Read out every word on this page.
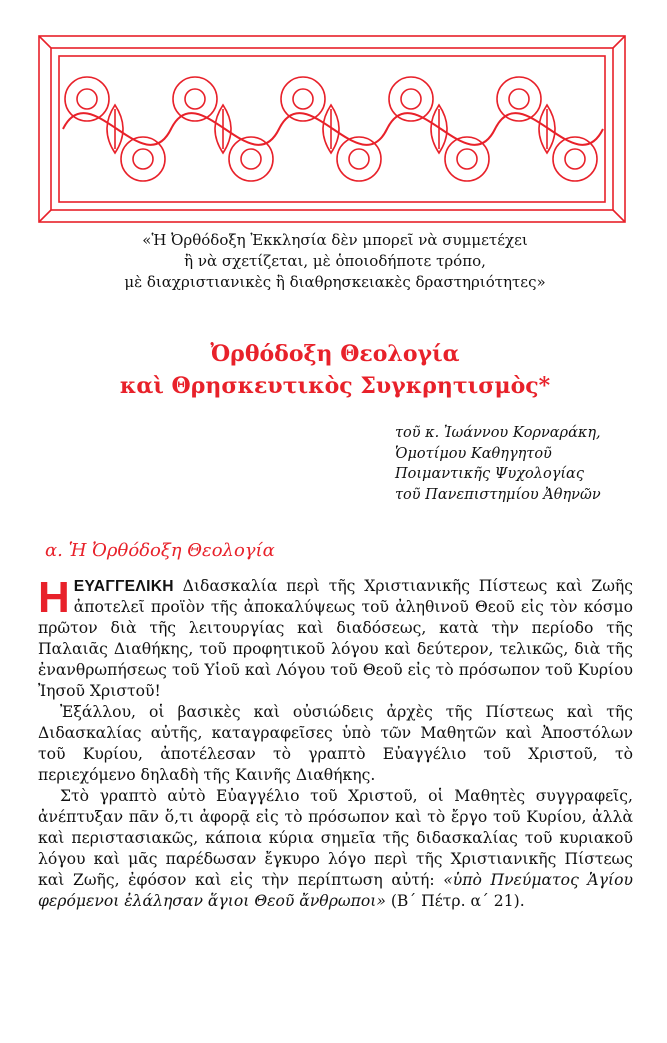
«Ἡ Ὀρθόδοξη Ἐκκλησία δὲν μπορεῖ νὰ συμμετέχει
ἢ νὰ σχετίζεται, μὲ ὁποιοδήποτε τρόπο,
μὲ διαχριστιανικὲς ἢ διαθρησκειακὲς δραστηριότητες»
Ὀρθόδοξη Θεολογία
καὶ Θρησκευτικὸς Συγκρητισμὸς*
τοῦ κ. Ἰωάννου Κορναράκη,
Ὁμοτίμου Καθηγητοῦ
Ποιμαντικῆς Ψυχολογίας
τοῦ Πανεπιστημίου Ἀθηνῶν
α. Ἡ Ὀρθόδοξη Θεολογία

ΗΕΥΑΓΓΕΛΙΚΗ Διδασκαλία περὶ τῆς Χριστιανικῆς Πίστεως καὶ Ζωῆς ἀποτελεῖ προϊὸν τῆς ἀποκαλύψεως τοῦ ἀληθινοῦ Θεοῦ εἰς τὸν κόσμο πρῶτον διὰ τῆς λειτουργίας καὶ διαδόσεως, κατὰ τὴν περίοδο τῆς Παλαιᾶς Διαθήκης, τοῦ προφητικοῦ λόγου καὶ δεύτερον, τελικῶς, διὰ τῆς ἐνανθρωπήσεως τοῦ Υἱοῦ καὶ Λόγου τοῦ Θεοῦ εἰς τὸ πρόσωπον τοῦ Κυρίου Ἰησοῦ Χριστοῦ!

Ἐξάλλου, οἱ βασικὲς καὶ οὐσιώδεις ἀρχὲς τῆς Πίστεως καὶ τῆς Διδασκαλίας αὐτῆς, καταγραφεῖσες ὑπὸ τῶν Μαθητῶν καὶ Ἀποστόλων τοῦ Κυρίου, ἀποτέλεσαν τὸ γραπτὸ Εὐαγγέλιο τοῦ Χριστοῦ, τὸ περιεχόμενο δηλαδὴ τῆς Καινῆς Διαθήκης.

Στὸ γραπτὸ αὐτὸ Εὐαγγέλιο τοῦ Χριστοῦ, οἱ Μαθητὲς συγγραφεῖς, ἀνέπτυξαν πᾶν ὅ,τι ἀφορᾷ εἰς τὸ πρόσωπον καὶ τὸ ἔργο τοῦ Κυρίου, ἀλλὰ καὶ περιστασιακῶς, κάποια κύρια σημεῖα τῆς διδασκαλίας τοῦ κυριακοῦ λόγου καὶ μᾶς παρέδωσαν ἔγκυρο λόγο περὶ τῆς Χριστιανικῆς Πίστεως καὶ Ζωῆς, ἐφόσον καὶ εἰς τὴν περίπτωση αὐτή: «ὑπὸ Πνεύματος Ἁγίου φερόμενοι ἐλάλησαν ἅγιοι Θεοῦ ἄνθρωποι» (Β´ Πέτρ. α´ 21).
